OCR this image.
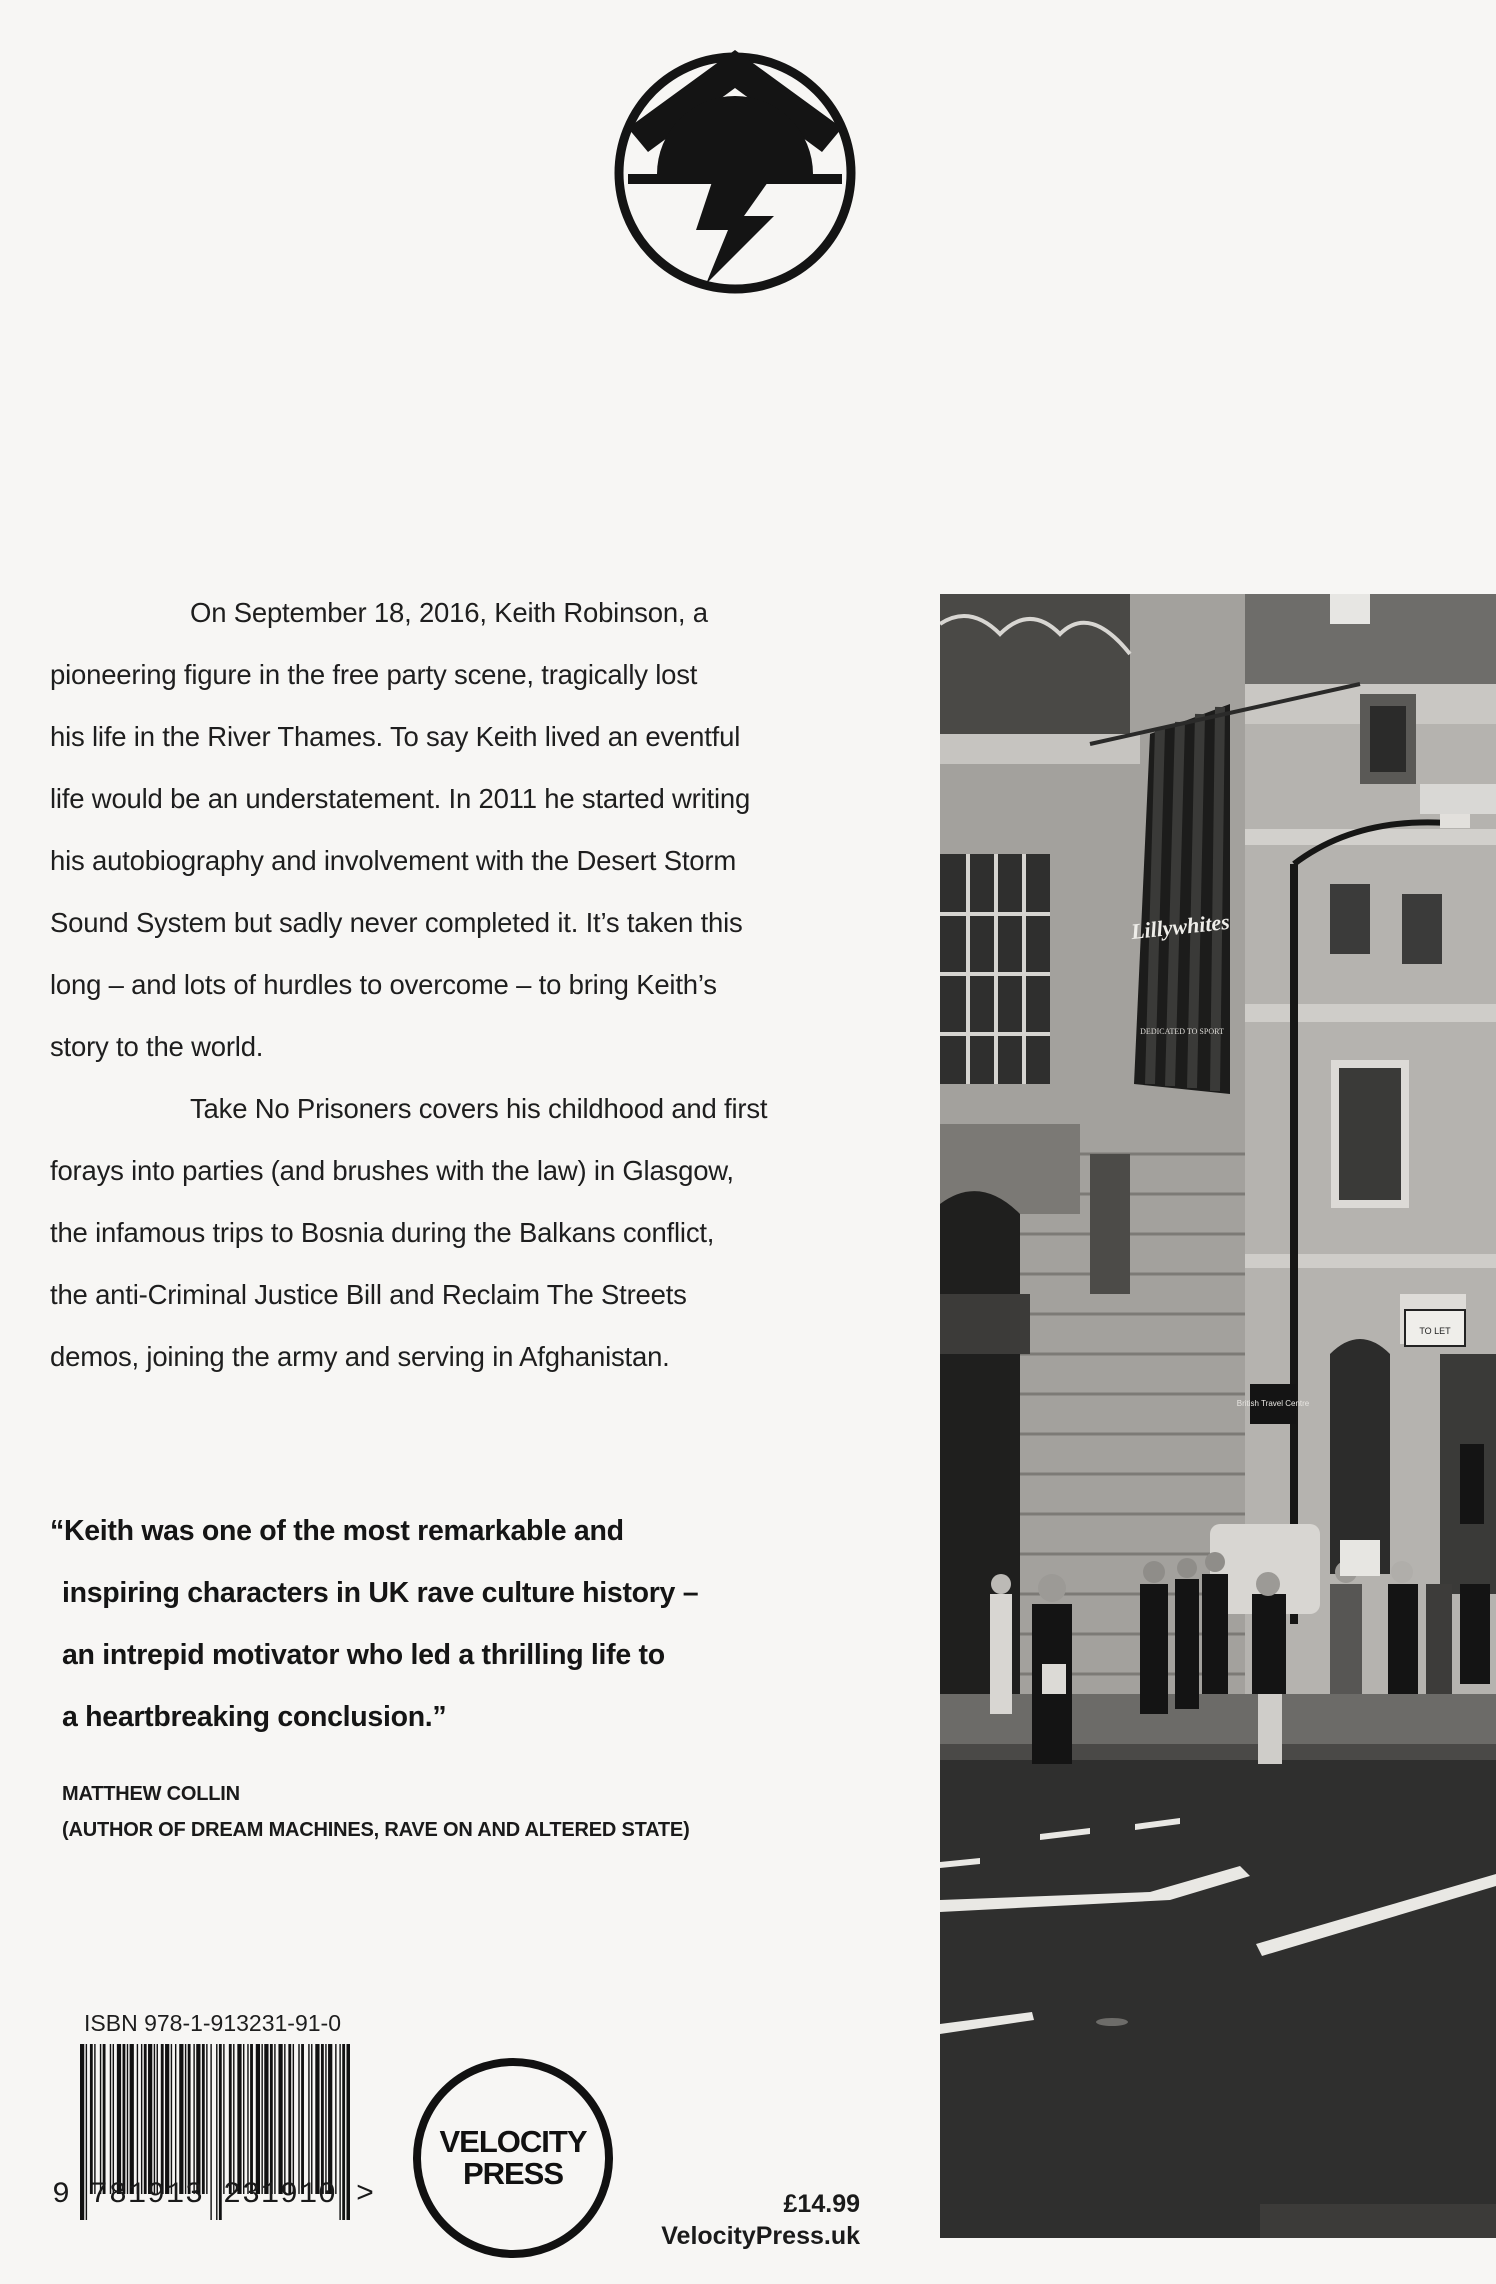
On September 18, 2016, Keith Robinson, a
pioneering figure in the free party scene, tragically lost
his life in the River Thames. To say Keith lived an eventful
life would be an understatement. In 2011 he started writing
his autobiography and involvement with the Desert Storm
Sound System but sadly never completed it. It’s taken this
long – and lots of hurdles to overcome – to bring Keith’s
story to the world.

Take No Prisoners covers his childhood and first
forays into parties (and brushes with the law) in Glasgow,
the infamous trips to Bosnia during the Balkans conflict,
the anti-Criminal Justice Bill and Reclaim The Streets
demos, joining the army and serving in Afghanistan.

“Keith was one of the most remarkable and
inspiring characters in UK rave culture history –
an intrepid motivator who led a thrilling life to
a heartbreaking conclusion.”
MATTHEW COLLIN
(AUTHOR OF DREAM MACHINES, RAVE ON AND ALTERED STATE)
ISBN 978-1-913231-91-0
9 781913 231910 >
VELOCITY
PRESS
£14.99
VelocityPress.uk
Lillywhites
DEDICATED TO SPORT
British Travel Centre
TO LET
